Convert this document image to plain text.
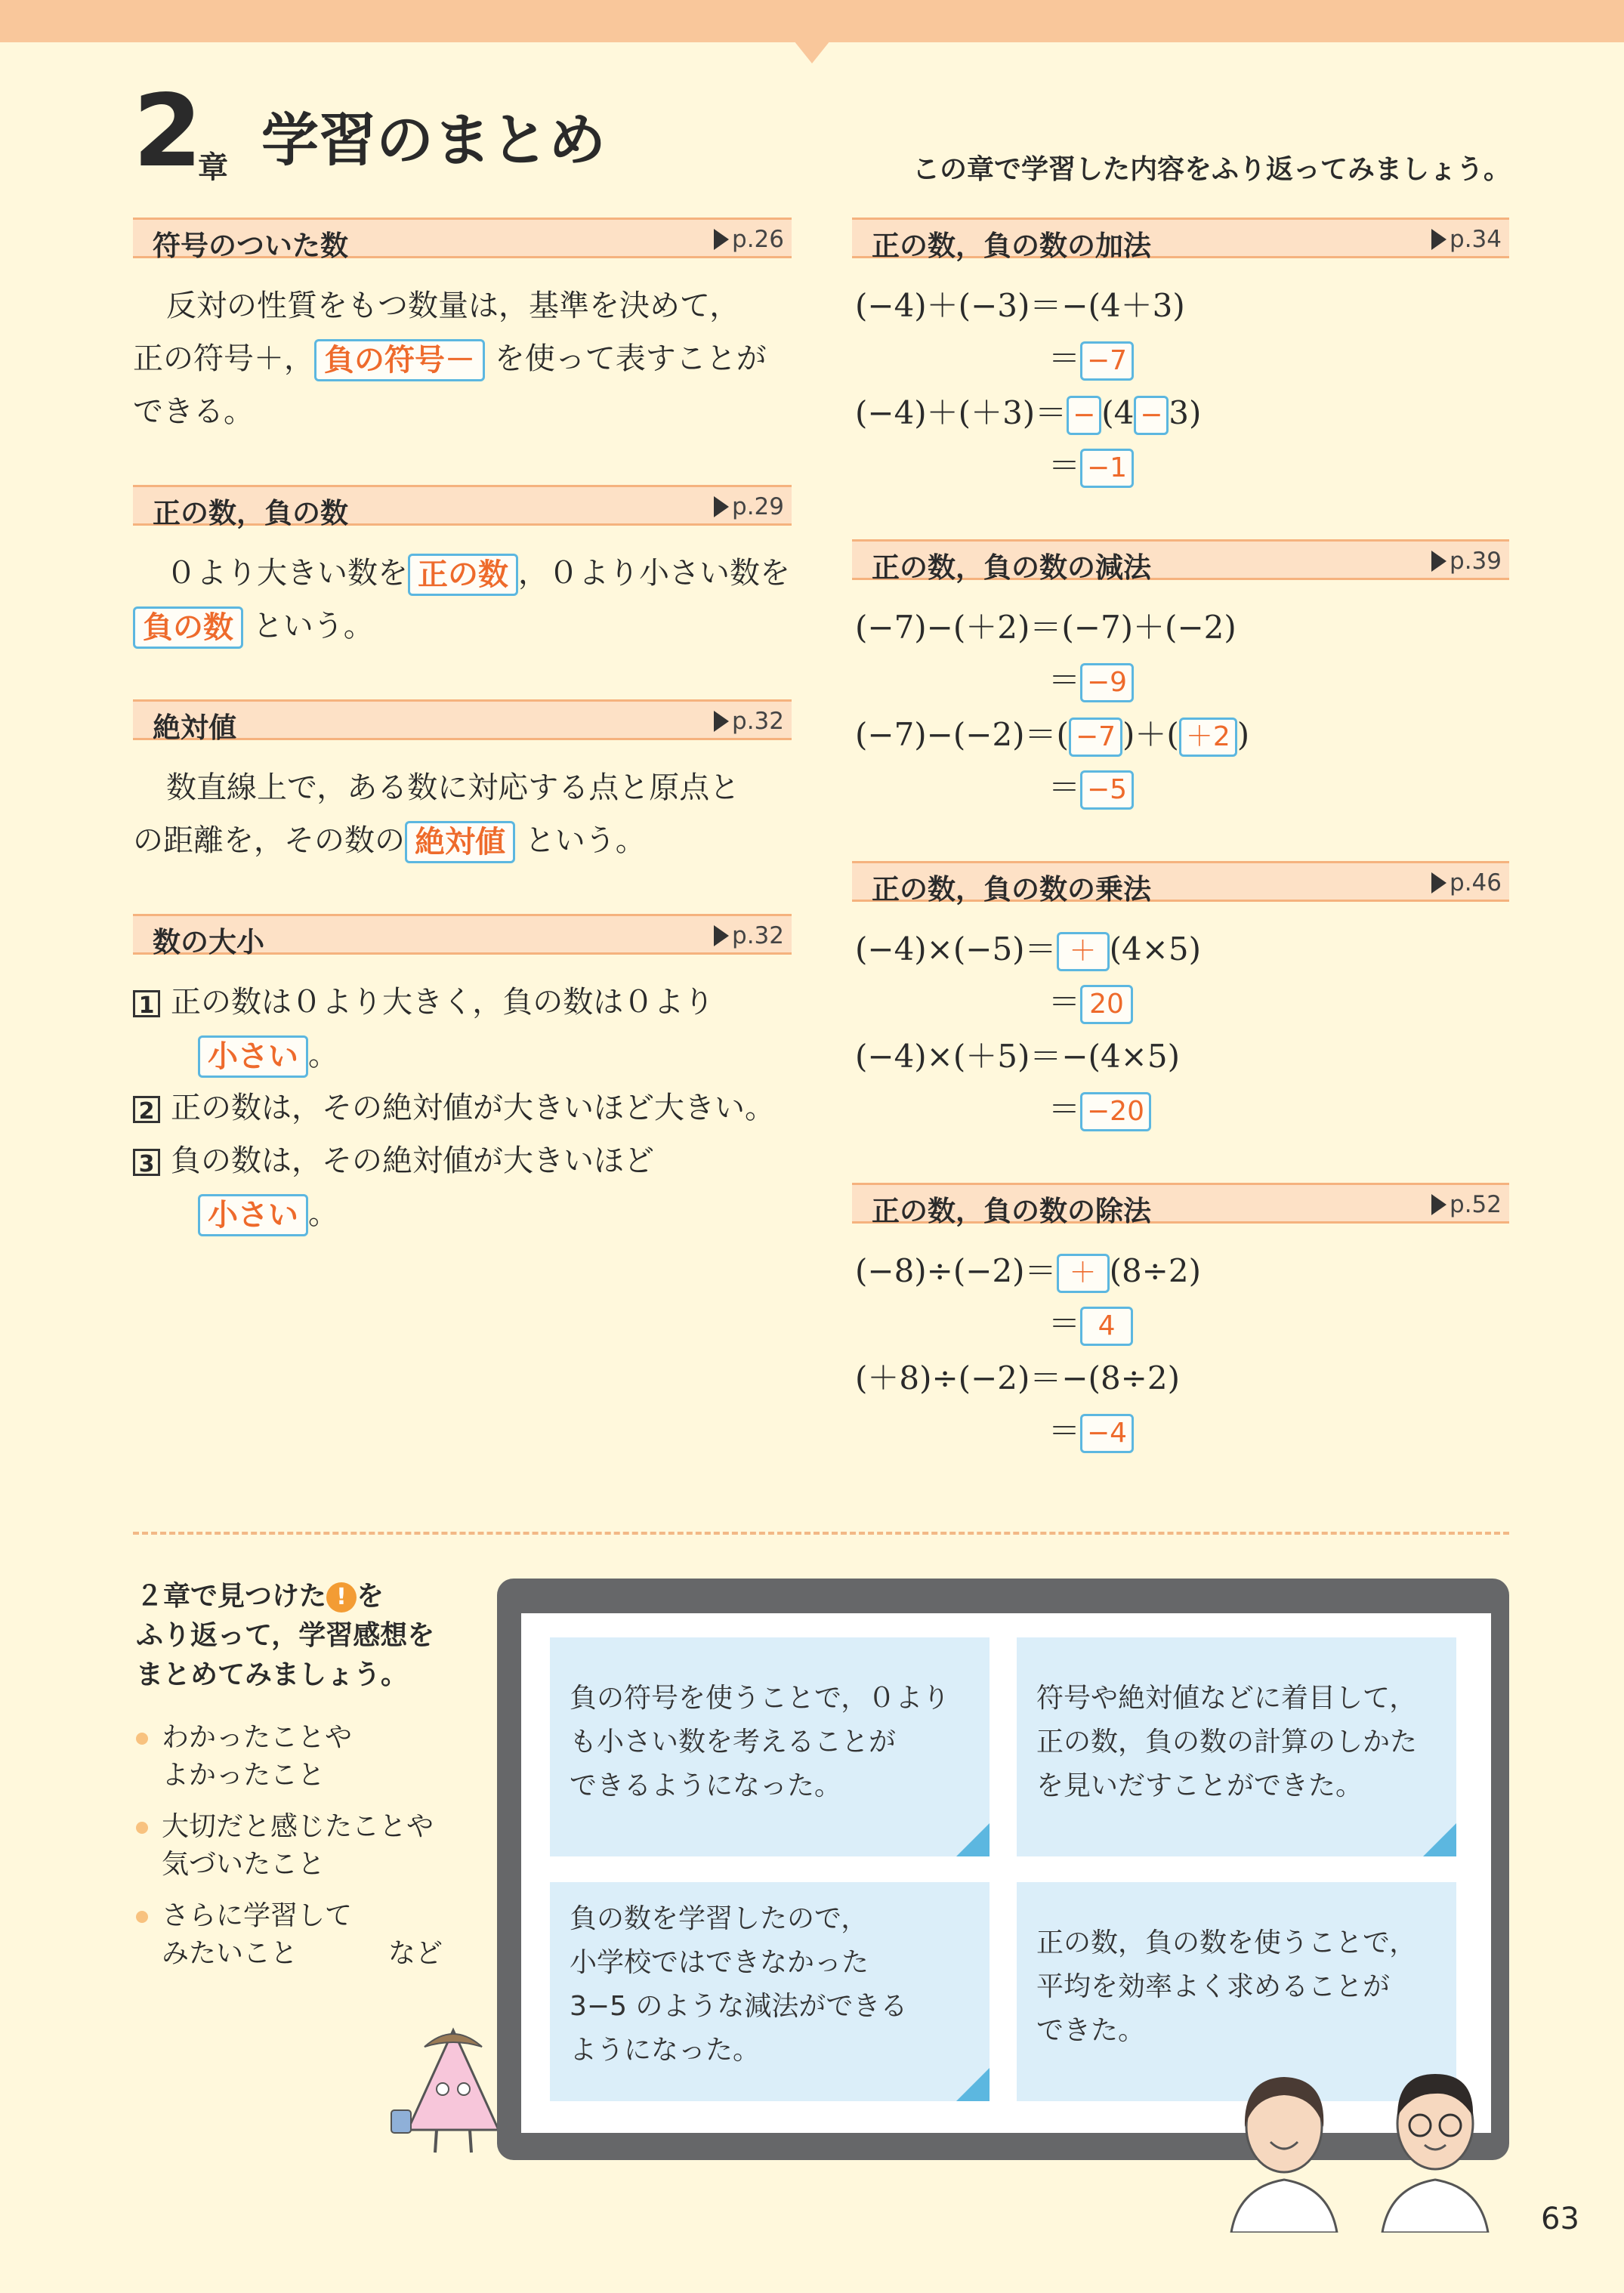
2
章 学習のまとめ	この章で学習した内容をふり返ってみましょう。
符号のついた数	p.26
反対の性質をもつ数量は，基準を決めて，
正の符号＋， 負の符号－ を使って表すことが
できる。
正の数，負の数	p.29
０より大きい数を 正の数 ，０より小さい数を
負の数 という。
絶対値	p.32
数直線上で，ある数に対応する点と原点と
の距離を，その数の 絶対値 という。
数の大小	p.32
1 正の数は０より大きく，負の数は０より
小さい 。
2 正の数は，その絶対値が大きいほど大きい。
3 負の数は，その絶対値が大きいほど
小さい 。
正の数，負の数の加法	p.34
(−4)＋(−3)＝−(4＋3)
＝ −7
(−4)＋(＋3)＝ − (4 − 3)
＝ −1
正の数，負の数の減法	p.39
(−7)−(＋2)＝(−7)＋(−2)
＝ −9
(−7)−(−2)＝( −7 )＋( ＋2 )
＝ −5
正の数，負の数の乗法	p.46
(−4)×(−5)＝ ＋ (4×5)
＝ 20
(−4)×(＋5)＝−(4×5)
＝ −20
正の数，負の数の除法	p.52
(−8)÷(−2)＝ ＋ (8÷2)
＝ 4
(＋8)÷(−2)＝−(8÷2)
＝ −4
２章で見つけた ! を
ふり返って，学習感想を
まとめてみましょう。
わかったことや
よかったこと
大切だと感じたことや
気づいたこと
さらに学習して
みたいこと	など
負の符号を使うことで，０より
も小さい数を考えることが
できるようになった。
符号や絶対値などに着目して，
正の数，負の数の計算のしかた
を見いだすことができた。
負の数を学習したので，
小学校ではできなかった
3−5 のような減法ができる
ようになった。
正の数，負の数を使うことで，
平均を効率よく求めることが
できた。
63
